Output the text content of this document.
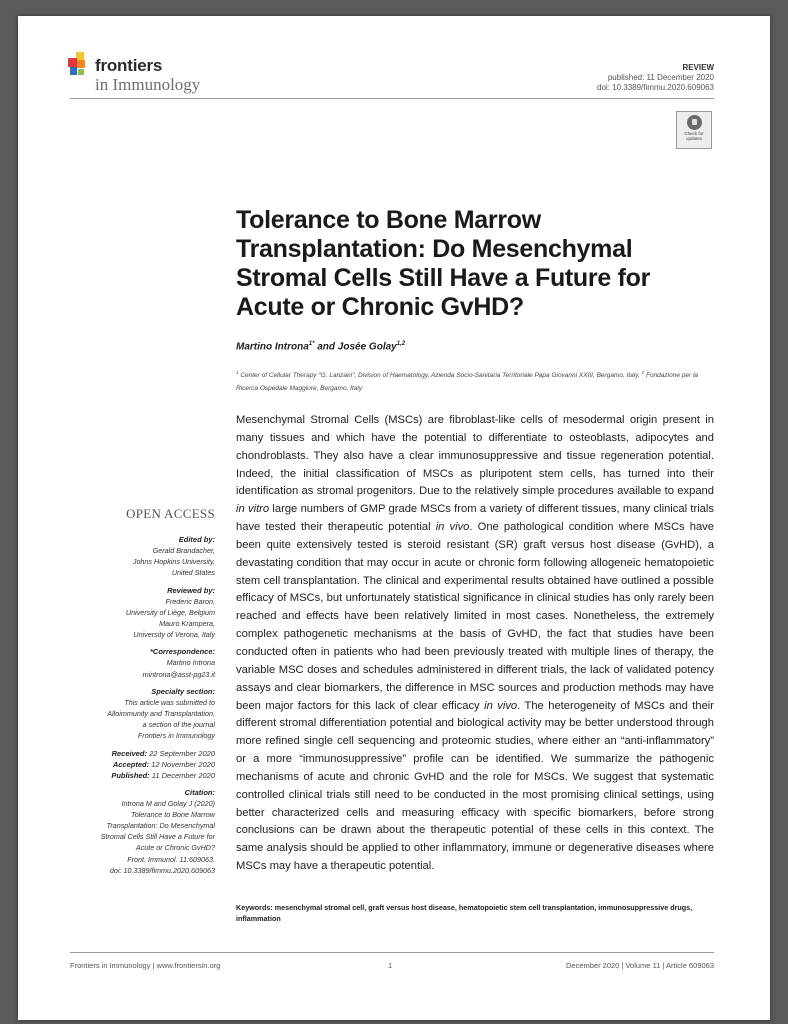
frontiers
in Immunology
REVIEW
published: 11 December 2020
doi: 10.3389/fimmu.2020.609063
Check for
updates
Tolerance to Bone Marrow Transplantation: Do Mesenchymal Stromal Cells Still Have a Future for Acute or Chronic GvHD?
Martino Introna$^{1*}$ and Josée Golay$^{1,2}$
$^1$ Center of Cellular Therapy "G. Lanzani", Division of Haematology, Azienda Socio-Sanitaria Territoriale Papa Giovanni XXIII, Bergamo, Italy, $^2$ Fondazione per la Ricerca Ospedale Maggiore, Bergamo, Italy
Mesenchymal Stromal Cells (MSCs) are fibroblast-like cells of mesodermal origin present in many tissues and which have the potential to differentiate to osteoblasts, adipocytes and chondroblasts. They also have a clear immunosuppressive and tissue regeneration potential. Indeed, the initial classification of MSCs as pluripotent stem cells, has turned into their identification as stromal progenitors. Due to the relatively simple procedures available to expand in vitro large numbers of GMP grade MSCs from a variety of different tissues, many clinical trials have tested their therapeutic potential in vivo. One pathological condition where MSCs have been quite extensively tested is steroid resistant (SR) graft versus host disease (GvHD), a devastating condition that may occur in acute or chronic form following allogeneic hematopoietic stem cell transplantation. The clinical and experimental results obtained have outlined a possible efficacy of MSCs, but unfortunately statistical significance in clinical studies has only rarely been reached and effects have been relatively limited in most cases. Nonetheless, the extremely complex pathogenetic mechanisms at the basis of GvHD, the fact that studies have been conducted often in patients who had been previously treated with multiple lines of therapy, the variable MSC doses and schedules administered in different trials, the lack of validated potency assays and clear biomarkers, the difference in MSC sources and production methods may have been major factors for this lack of clear efficacy in vivo. The heterogeneity of MSCs and their different stromal differentiation potential and biological activity may be better understood through more refined single cell sequencing and proteomic studies, where either an “anti-inflammatory” or a more “immunosuppressive” profile can be identified. We summarize the pathogenic mechanisms of acute and chronic GvHD and the role for MSCs. We suggest that systematic controlled clinical trials still need to be conducted in the most promising clinical settings, using better characterized cells and measuring efficacy with specific biomarkers, before strong conclusions can be drawn about the therapeutic potential of these cells in this context. The same analysis should be applied to other inflammatory, immune or degenerative diseases where MSCs may have a therapeutic potential.
Keywords: mesenchymal stromal cell, graft versus host disease, hematopoietic stem cell transplantation, immunosuppressive drugs, inflammation
OPEN ACCESS
Edited by:
Gerald Brandacher,
Johns Hopkins University,
United States
Reviewed by:
Frederic Baron,
University of Liège, Belgium
Mauro Krampera,
University of Verona, Italy
*Correspondence:
Martino Introna
mintrona@asst-pg23.it
Specialty section:
This article was submitted to
Alloimmunity and Transplantation,
a section of the journal
Frontiers in Immunology
Received: 22 September 2020
Accepted: 12 November 2020
Published: 11 December 2020
Citation:
Introna M and Golay J (2020)
Tolerance to Bone Marrow
Transplantation: Do Mesenchymal
Stromal Cells Still Have a Future for
Acute or Chronic GvHD?
Front. Immunol. 11:609063.
doi: 10.3389/fimmu.2020.609063
Frontiers in Immunology | www.frontiersin.org	1	December 2020 | Volume 11 | Article 609063
